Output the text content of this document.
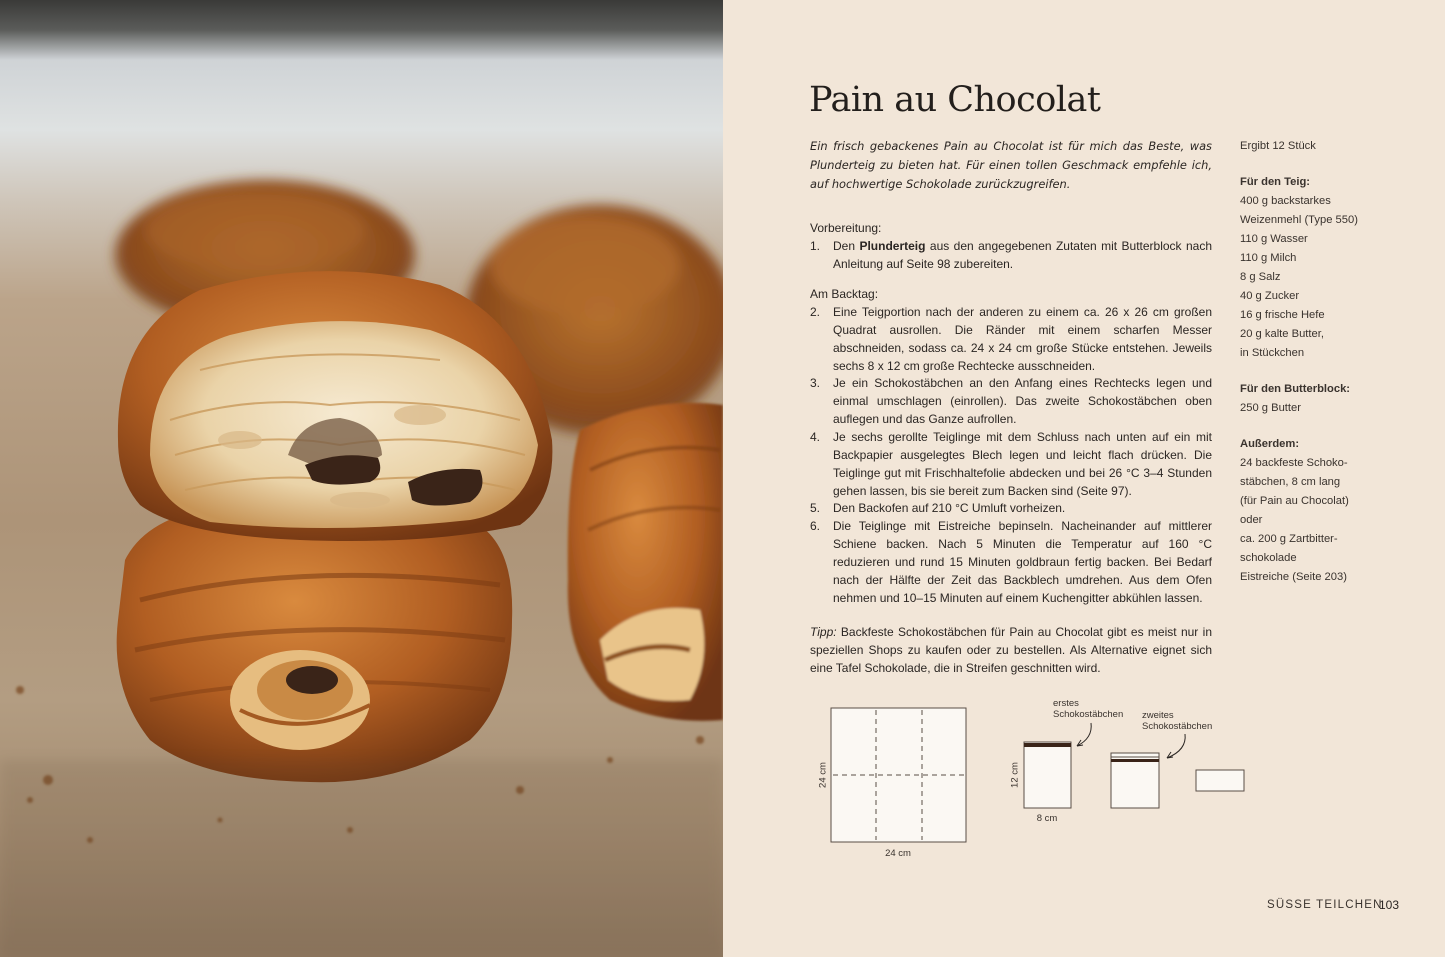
Pain au Chocolat

Ein frisch gebackenes Pain au Chocolat ist für mich das Beste, was Plunderteig zu bieten hat. Für einen tollen Geschmack empfehle ich, auf hochwertige Schokolade zurückzugreifen.

Vorbereitung:

1.	Den Plunderteig aus den angegebenen Zutaten mit Butterblock nach Anleitung auf Seite 98 zubereiten.

Am Backtag:

2.	Eine Teigportion nach der anderen zu einem ca. 26 x 26 cm großen Quadrat ausrollen. Die Ränder mit einem scharfen Messer abschneiden, sodass ca. 24 x 24 cm große Stücke entstehen. Jeweils sechs 8 x 12 cm große Rechtecke ausschneiden.
3.	Je ein Schokostäbchen an den Anfang eines Rechtecks legen und einmal umschlagen (einrollen). Das zweite Schokostäbchen oben auflegen und das Ganze aufrollen.
4.	Je sechs gerollte Teiglinge mit dem Schluss nach unten auf ein mit Backpapier ausgelegtes Blech legen und leicht flach drücken. Die Teiglinge gut mit Frischhaltefolie abdecken und bei 26 °C 3–4 Stunden gehen lassen, bis sie bereit zum Backen sind (Seite 97).
5.	Den Backofen auf 210 °C Umluft vorheizen.
6.	Die Teiglinge mit Eistreiche bepinseln. Nacheinander auf mittlerer Schiene backen. Nach 5 Minuten die Temperatur auf 160 °C reduzieren und rund 15 Minuten goldbraun fertig backen. Bei Bedarf nach der Hälfte der Zeit das Backblech umdrehen. Aus dem Ofen nehmen und 10–15 Minuten auf einem Kuchengitter abkühlen lassen.

Tipp: Backfeste Schokostäbchen für Pain au Chocolat gibt es meist nur in speziellen Shops zu kaufen oder zu bestellen. Als Alternative eignet sich eine Tafel Schokolade, die in Streifen geschnitten wird.

Ergibt 12 Stück
Für den Teig:
400 g backstarkes
Weizenmehl (Type 550)
110 g Wasser
110 g Milch
8 g Salz
40 g Zucker
16 g frische Hefe
20 g kalte Butter,
in Stückchen
Für den Butterblock:
250 g Butter
Außerdem:
24 backfeste Schoko-
stäbchen, 8 cm lang
(für Pain au Chocolat)
oder
ca. 200 g Zartbitter-
schokolade
Eistreiche (Seite 203)
24 cm
24 cm
12 cm
8 cm
erstes
Schokostäbchen zweites
Schokostäbchen
SÜSSE TEILCHEN
103
